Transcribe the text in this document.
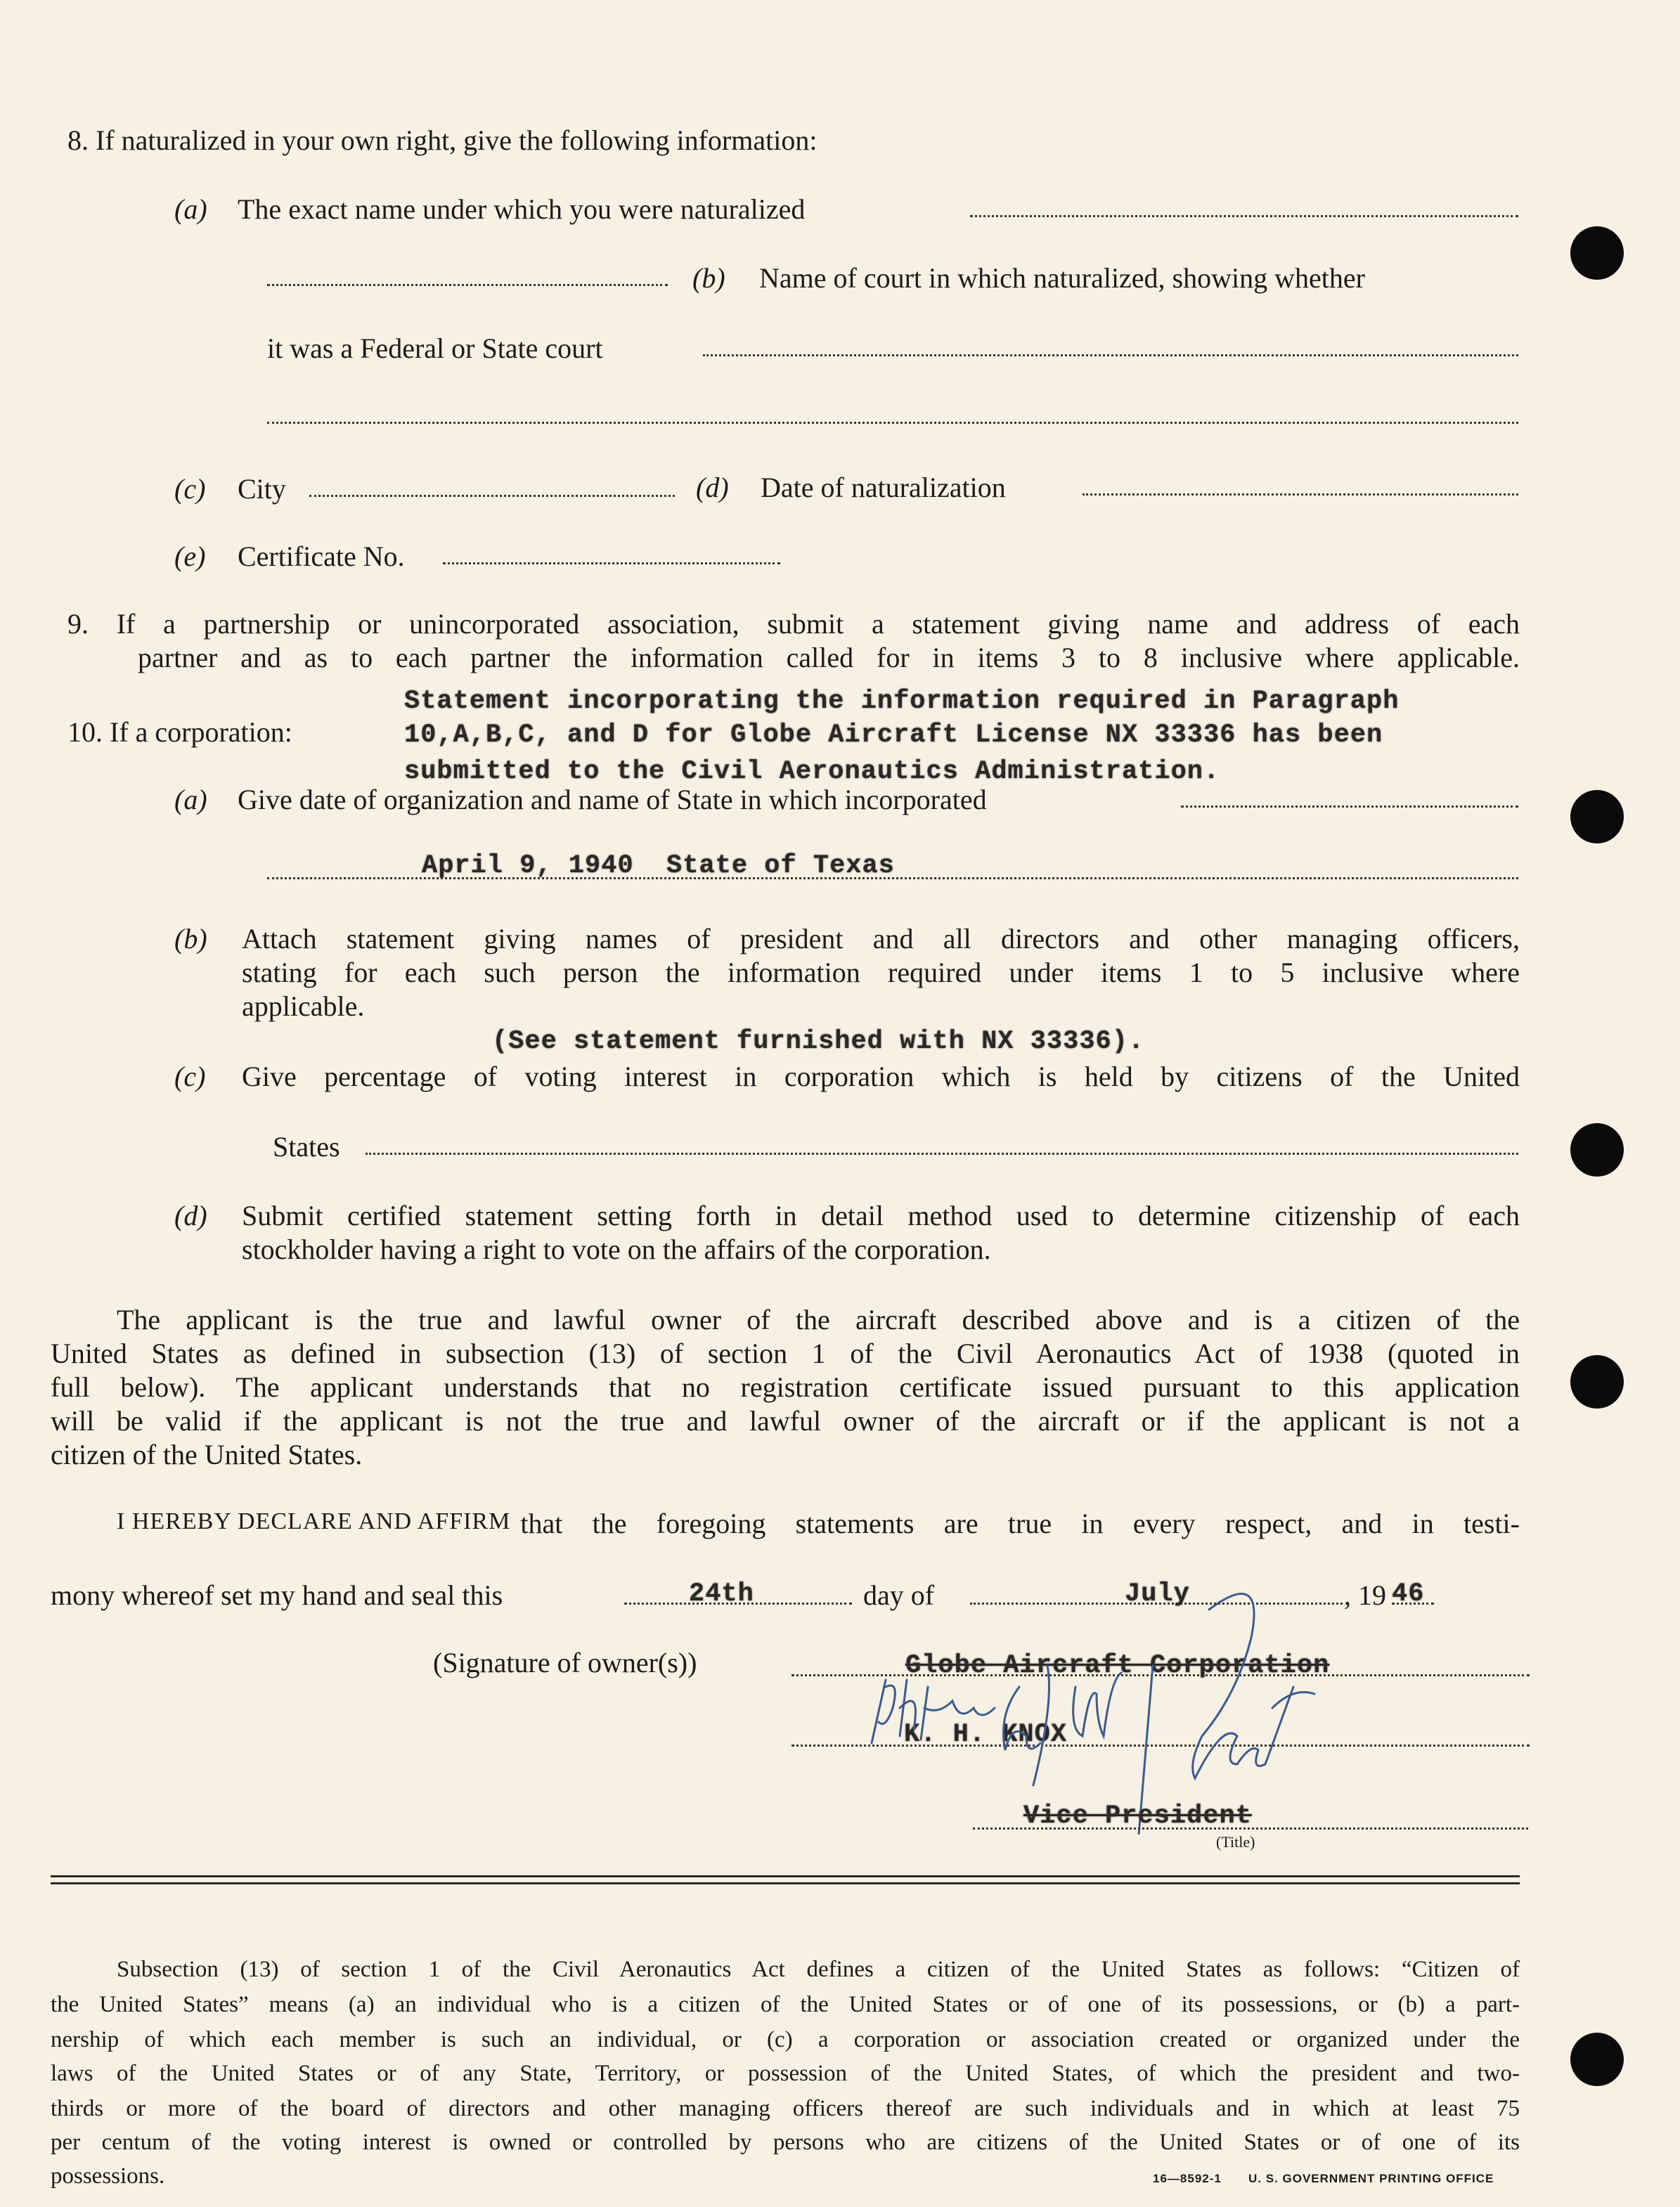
8. If naturalized in your own right, give the following information:
(a) The exact name under which you were naturalized
(b) Name of court in which naturalized, showing whether
it was a Federal or State court
(c) City	(d) Date of naturalization
(e) Certificate No.
9. If a partnership or unincorporated association, submit a statement giving name and address of each
partner and as to each partner the information called for in items 3 to 8 inclusive where applicable.
10. If a corporation:
Statement incorporating the information required in Paragraph
10,A,B,C, and D for Globe Aircraft License NX 33336 has been
submitted to the Civil Aeronautics Administration.
(a) Give date of organization and name of State in which incorporated
April 9, 1940  State of Texas
(b) Attach statement giving names of president and all directors and other managing officers,
stating for each such person the information required under items 1 to 5 inclusive where
applicable.
(See statement furnished with NX 33336).
(c) Give percentage of voting interest in corporation which is held by citizens of the United
States
(d) Submit certified statement setting forth in detail method used to determine citizenship of each
stockholder having a right to vote on the affairs of the corporation.
The applicant is the true and lawful owner of the aircraft described above and is a citizen of the
United States as defined in subsection (13) of section 1 of the Civil Aeronautics Act of 1938 (quoted in
full below). The applicant understands that no registration certificate issued pursuant to this application
will be valid if the applicant is not the true and lawful owner of the aircraft or if the applicant is not a
citizen of the United States.
I HEREBY DECLARE AND AFFIRM that the foregoing statements are true in every respect, and in testi-
mony whereof set my hand and seal this	24th	day of	July	, 19 46
(Signature of owner(s))	Globe Aircraft Corporation
K. H. KNOX
Vice President
(Title)
Subsection (13) of section 1 of the Civil Aeronautics Act defines a citizen of the United States as follows: “Citizen of
the United States” means (a) an individual who is a citizen of the United States or of one of its possessions, or (b) a part-
nership of which each member is such an individual, or (c) a corporation or association created or organized under the
laws of the United States or of any State, Territory, or possession of the United States, of which the president and two-
thirds or more of the board of directors and other managing officers thereof are such individuals and in which at least 75
per centum of the voting interest is owned or controlled by persons who are citizens of the United States or of one of its
possessions.	16—8592-1 U. S. GOVERNMENT PRINTING OFFICE
